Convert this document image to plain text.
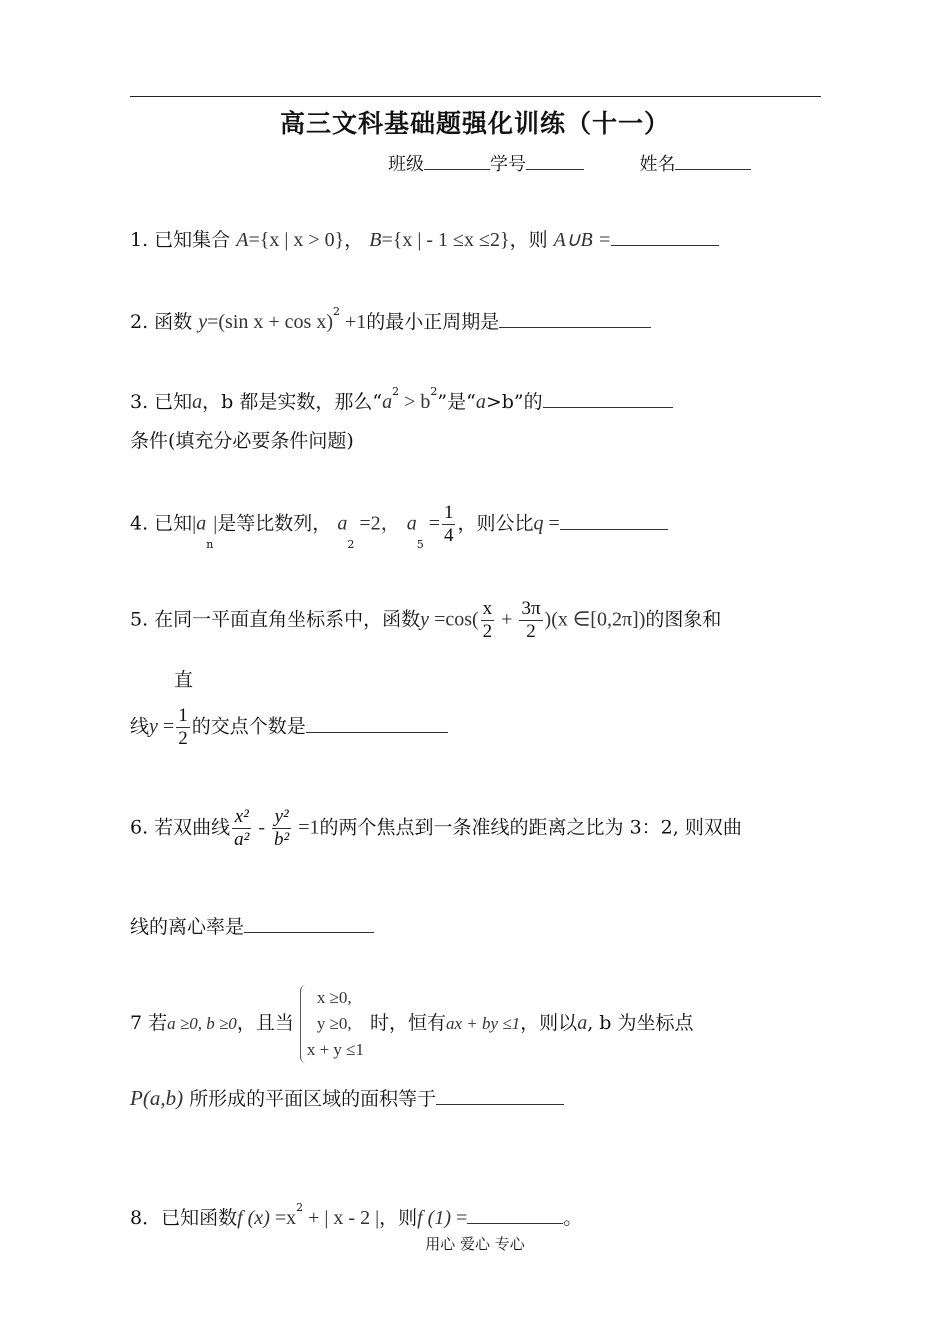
高三文科基础题强化训练（十一）
班级	学号	姓名
1. 已知集合 A={x | x > 0}， B={x | - 1 ≤x ≤2}，则 A∪B =
2. 函数 y=(sin x + cos x)$^2$ +1的最小正周期是
3. 已知a，b 都是实数，那么“$a^2 > b^2$”是“a>b”的
条件(填充分必要条件问题)
4. 已知$|a_n|$是等比数列， $a_2 =2$， $a_5 = \frac{1}{4}$ ，则公比q =
5. 在同一平面直角坐标系中，函数$y =\cos( \frac{x}{2} + \frac{3\pi}{2} )(x$ ∈[0,2π])的图象和
直
线$y = \frac{1}{2}$ 的交点个数是
6. 若双曲线 $\frac{\text{x²}}{\text{a²}} - \frac{\text{y²}}{\text{b²}} =1$的两个焦点到一条准线的距离之比为 3：2, 则双曲
线的离心率是
7 若a ≥0, b ≥0，且当
x ≥0,
y ≥0,
x + y ≤1
时，恒有ax + by ≤1，则以a, b 为坐标点
P(a,b) 所形成的平面区域的面积等于
8．已知函数f $(x) =x^2$ + | x - 2 |，则f (1) =	。
用心 爱心 专心
